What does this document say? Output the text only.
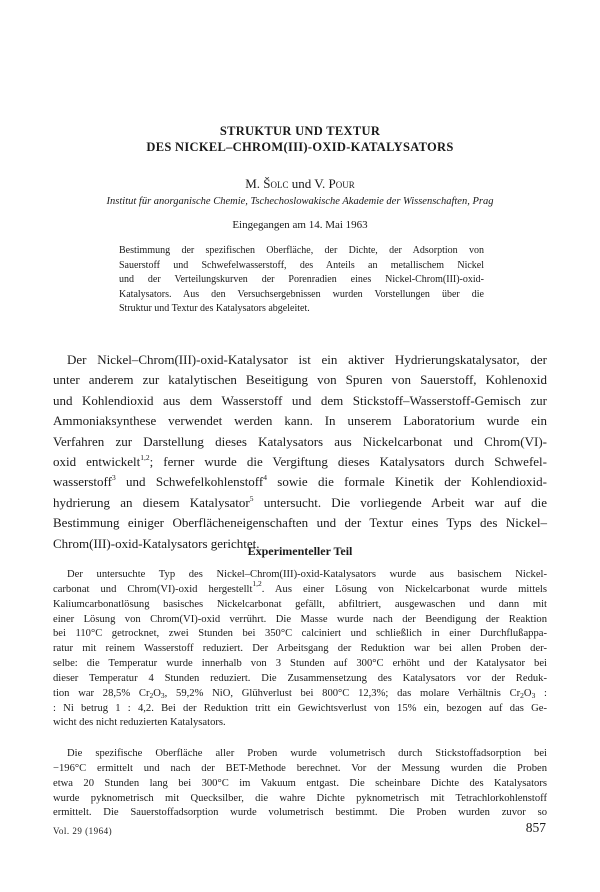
STRUKTUR UND TEXTUR
DES NICKEL–CHROM(III)-OXID-KATALYSATORS
M. Šolc und V. Pour
Institut für anorganische Chemie, Tschechoslowakische Akademie der Wissenschaften, Prag
Eingegangen am 14. Mai 1963
Bestimmung der spezifischen Oberfläche, der Dichte, der Adsorption von
Sauerstoff und Schwefelwasserstoff, des Anteils an metallischem Nickel
und der Verteilungskurven der Porenradien eines Nickel-Chrom(III)-oxid-
Katalysators. Aus den Versuchsergebnissen wurden Vorstellungen über die
Struktur und Textur des Katalysators abgeleitet.
Der Nickel–Chrom(III)-oxid-Katalysator ist ein aktiver Hydrierungskatalysator, der
unter anderem zur katalytischen Beseitigung von Spuren von Sauerstoff, Kohlenoxid
und Kohlendioxid aus dem Wasserstoff und dem Stickstoff–Wasserstoff-Gemisch zur
Ammoniaksynthese verwendet werden kann. In unserem Laboratorium wurde ein
Verfahren zur Darstellung dieses Katalysators aus Nickelcarbonat und Chrom(VI)-
oxid entwickelt$^{1,2}$; ferner wurde die Vergiftung dieses Katalysators durch Schwefel-
wasserstoff$^3$ und Schwefelkohlenstoff$^4$ sowie die formale Kinetik der Kohlendioxid-
hydrierung an diesem Katalysator$^5$ untersucht. Die vorliegende Arbeit war auf die
Bestimmung einiger Oberflächeneigenschaften und der Textur eines Typs des Nickel–
Chrom(III)-oxid-Katalysators gerichtet.
Experimenteller Teil
Der untersuchte Typ des Nickel–Chrom(III)-oxid-Katalysators wurde aus basischem Nickel-
carbonat und Chrom(VI)-oxid hergestellt$^{1,2}$. Aus einer Lösung von Nickelcarbonat wurde mittels
Kaliumcarbonatlösung basisches Nickelcarbonat gefällt, abfiltriert, ausgewaschen und dann mit
einer Lösung von Chrom(VI)-oxid verrührt. Die Masse wurde nach der Beendigung der Reaktion
bei 110°C getrocknet, zwei Stunden bei 350°C calciniert und schließlich in einer Durchflußappa-
ratur mit reinem Wasserstoff reduziert. Der Arbeitsgang der Reduktion war bei allen Proben der-
selbe: die Temperatur wurde innerhalb von 3 Stunden auf 300°C erhöht und der Katalysator bei
dieser Temperatur 4 Stunden reduziert. Die Zusammensetzung des Katalysators vor der Reduk-
tion war 28,5% $Cr_2O_3$, 59,2% NiO, Glühverlust bei 800°C 12,3%; das molare Verhältnis $Cr_2O_3$ :
: Ni betrug 1 : 4,2. Bei der Reduktion tritt ein Gewichtsverlust von 15% ein, bezogen auf das Ge-
wicht des nicht reduzierten Katalysators.
Die spezifische Oberfläche aller Proben wurde volumetrisch durch Stickstoffadsorption bei
−196°C ermittelt und nach der BET-Methode berechnet. Vor der Messung wurden die Proben
etwa 20 Stunden lang bei 300°C im Vakuum entgast. Die scheinbare Dichte des Katalysators
wurde pyknometrisch mit Quecksilber, die wahre Dichte pyknometrisch mit Tetrachlorkohlenstoff
ermittelt. Die Sauerstoffadsorption wurde volumetrisch bestimmt. Die Proben wurden zuvor so
Vol. 29 (1964)	857
